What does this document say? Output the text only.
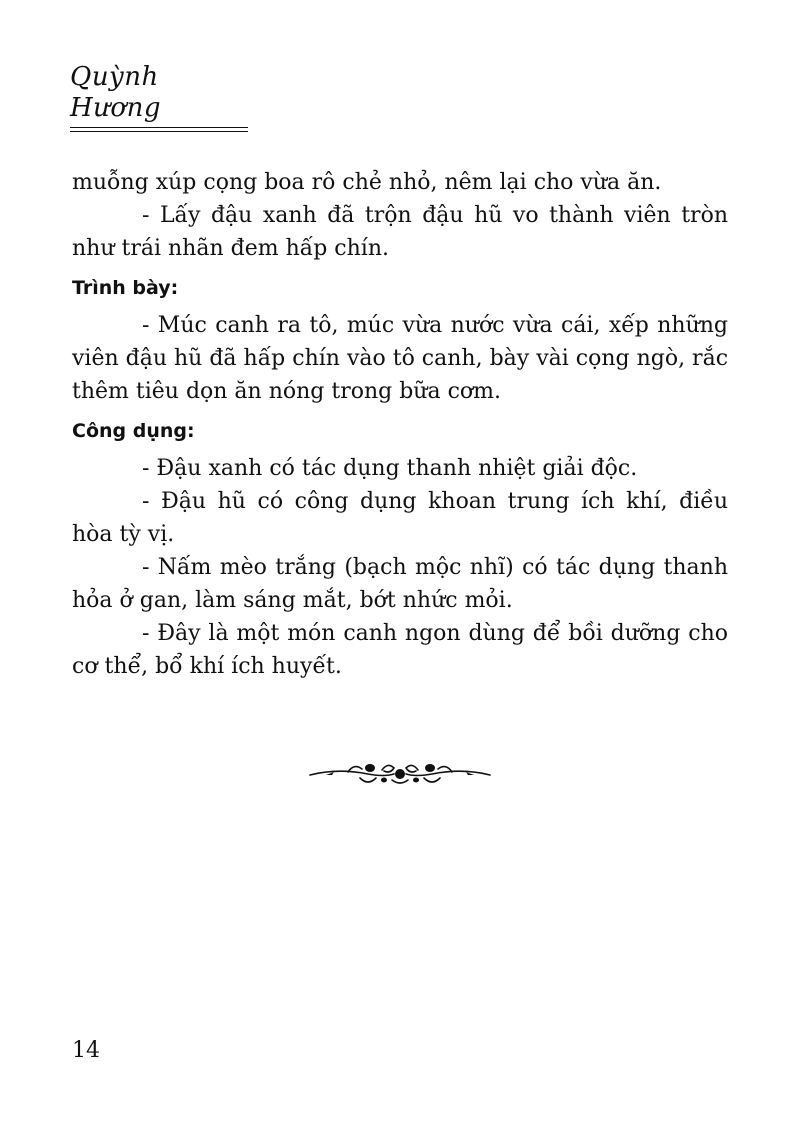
Quỳnh Hương

muỗng xúp cọng boa rô chẻ nhỏ, nêm lại cho vừa ăn.

- Lấy đậu xanh đã trộn đậu hũ vo thành viên tròn như trái nhãn đem hấp chín.

Trình bày:

- Múc canh ra tô, múc vừa nước vừa cái, xếp những viên đậu hũ đã hấp chín vào tô canh, bày vài cọng ngò, rắc thêm tiêu dọn ăn nóng trong bữa cơm.

Công dụng:

- Đậu xanh có tác dụng thanh nhiệt giải độc.

- Đậu hũ có công dụng khoan trung ích khí, điều hòa tỳ vị.

- Nấm mèo trắng (bạch mộc nhĩ) có tác dụng thanh hỏa ở gan, làm sáng mắt, bớt nhức mỏi.

- Đây là một món canh ngon dùng để bồi dưỡng cho cơ thể, bổ khí ích huyết.

14
